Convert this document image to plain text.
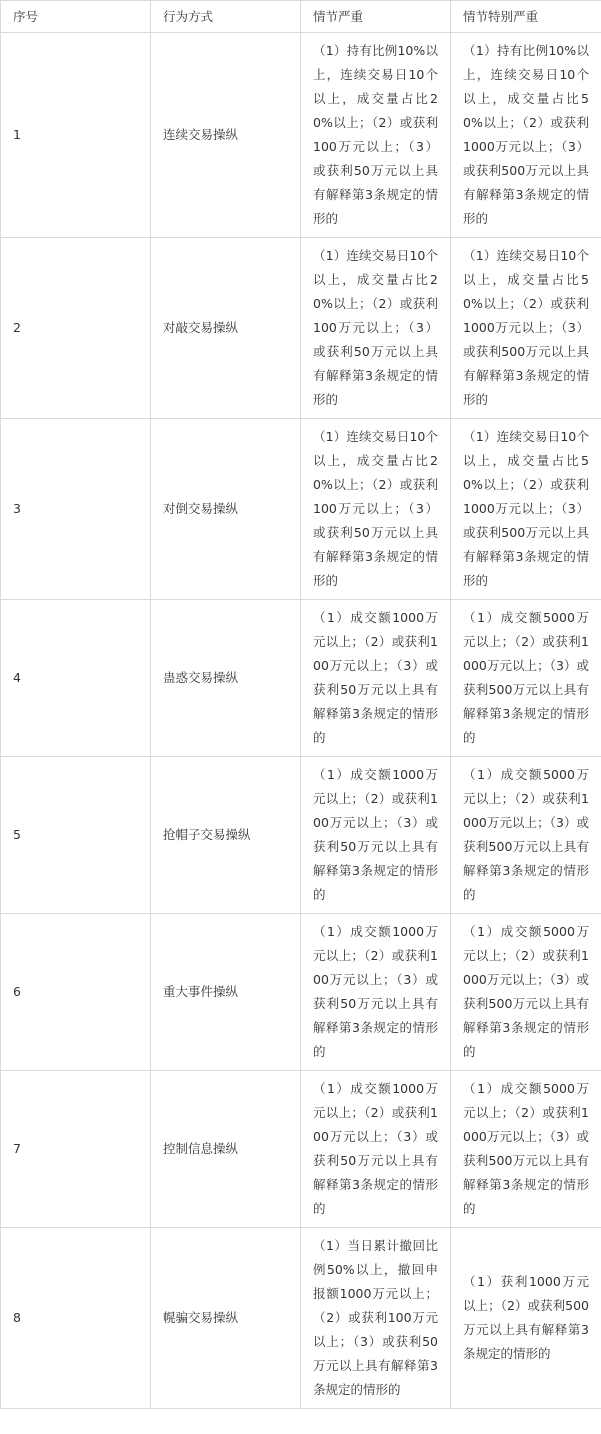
序号	行为方式	情节严重	情节特别严重
1	连续交易操纵	（1）持有比例10%以上，连续交易日10个以上，成交量占比20%以上；（2）或获利100万元以上；（3）或获利50万元以上具有解释第3条规定的情形的	（1）持有比例10%以上，连续交易日10个以上，成交量占比50%以上；（2）或获利1000万元以上；（3）或获利500万元以上具有解释第3条规定的情形的
2	对敲交易操纵	（1）连续交易日10个以上，成交量占比20%以上；（2）或获利100万元以上；（3）或获利50万元以上具有解释第3条规定的情形的	（1）连续交易日10个以上，成交量占比50%以上；（2）或获利1000万元以上；（3）或获利500万元以上具有解释第3条规定的情形的
3	对倒交易操纵	（1）连续交易日10个以上，成交量占比20%以上；（2）或获利100万元以上；（3）或获利50万元以上具有解释第3条规定的情形的	（1）连续交易日10个以上，成交量占比50%以上；（2）或获利1000万元以上；（3）或获利500万元以上具有解释第3条规定的情形的
4	蛊惑交易操纵	（1）成交额1000万元以上；（2）或获利100万元以上；（3）或获利50万元以上具有解释第3条规定的情形的	（1）成交额5000万元以上；（2）或获利1000万元以上；（3）或获利500万元以上具有解释第3条规定的情形的
5	抢帽子交易操纵	（1）成交额1000万元以上；（2）或获利100万元以上；（3）或获利50万元以上具有解释第3条规定的情形的	（1）成交额5000万元以上；（2）或获利1000万元以上；（3）或获利500万元以上具有解释第3条规定的情形的
6	重大事件操纵	（1）成交额1000万元以上；（2）或获利100万元以上；（3）或获利50万元以上具有解释第3条规定的情形的	（1）成交额5000万元以上；（2）或获利1000万元以上；（3）或获利500万元以上具有解释第3条规定的情形的
7	控制信息操纵	（1）成交额1000万元以上；（2）或获利100万元以上；（3）或获利50万元以上具有解释第3条规定的情形的	（1）成交额5000万元以上；（2）或获利1000万元以上；（3）或获利500万元以上具有解释第3条规定的情形的
8	幌骗交易操纵	（1）当日累计撤回比例50%以上，撤回申报额1000万元以上；（2）或获利100万元以上；（3）或获利50万元以上具有解释第3条规定的情形的	（1）获利1000万元以上；（2）或获利500万元以上具有解释第3条规定的情形的
